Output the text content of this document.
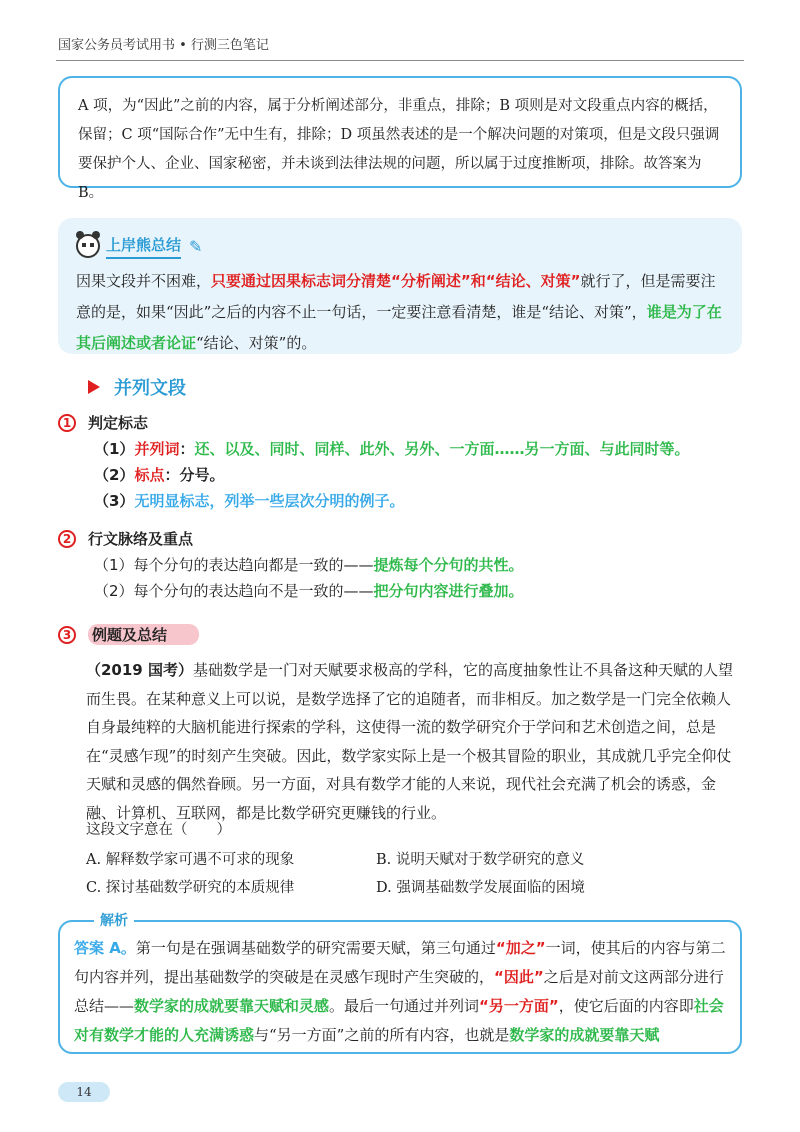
国家公务员考试用书 • 行测三色笔记
A 项，为“因此”之前的内容，属于分析阐述部分，非重点，排除；B 项则是对文段重点内容的概括，保留；C 项“国际合作”无中生有，排除；D 项虽然表述的是一个解决问题的对策项，但是文段只强调要保护个人、企业、国家秘密，并未谈到法律法规的问题，所以属于过度推断项，排除。故答案为 B。
上岸熊总结 ✎
因果文段并不困难，只要通过因果标志词分清楚“分析阐述”和“结论、对策”就行了，但是需要注意的是，如果“因此”之后的内容不止一句话，一定要注意看清楚，谁是“结论、对策”，谁是为了在其后阐述或者论证“结论、对策”的。
并列文段
1	判定标志
（1）并列词：还、以及、同时、同样、此外、另外、一方面……另一方面、与此同时等。
（2）标点：分号。
（3）无明显标志，列举一些层次分明的例子。
2	行文脉络及重点
（1）每个分句的表达趋向都是一致的——提炼每个分句的共性。
（2）每个分句的表达趋向不是一致的——把分句内容进行叠加。
3	例题及总结
（2019 国考）基础数学是一门对天赋要求极高的学科，它的高度抽象性让不具备这种天赋的人望而生畏。在某种意义上可以说，是数学选择了它的追随者，而非相反。加之数学是一门完全依赖人自身最纯粹的大脑机能进行探索的学科，这使得一流的数学研究介于学问和艺术创造之间，总是在“灵感乍现”的时刻产生突破。因此，数学家实际上是一个极其冒险的职业，其成就几乎完全仰仗天赋和灵感的偶然眷顾。另一方面，对具有数学才能的人来说，现代社会充满了机会的诱惑，金融、计算机、互联网，都是比数学研究更赚钱的行业。
这段文字意在（　　）
A. 解释数学家可遇不可求的现象	B. 说明天赋对于数学研究的意义
C. 探讨基础数学研究的本质规律	D. 强调基础数学发展面临的困境
答案 A。第一句是在强调基础数学的研究需要天赋，第三句通过“加之”一词，使其后的内容与第二句内容并列，提出基础数学的突破是在灵感乍现时产生突破的，“因此”之后是对前文这两部分进行总结——数学家的成就要靠天赋和灵感。最后一句通过并列词“另一方面”，使它后面的内容即社会对有数学才能的人充满诱惑与“另一方面”之前的所有内容，也就是数学家的成就要靠天赋
解析
14
